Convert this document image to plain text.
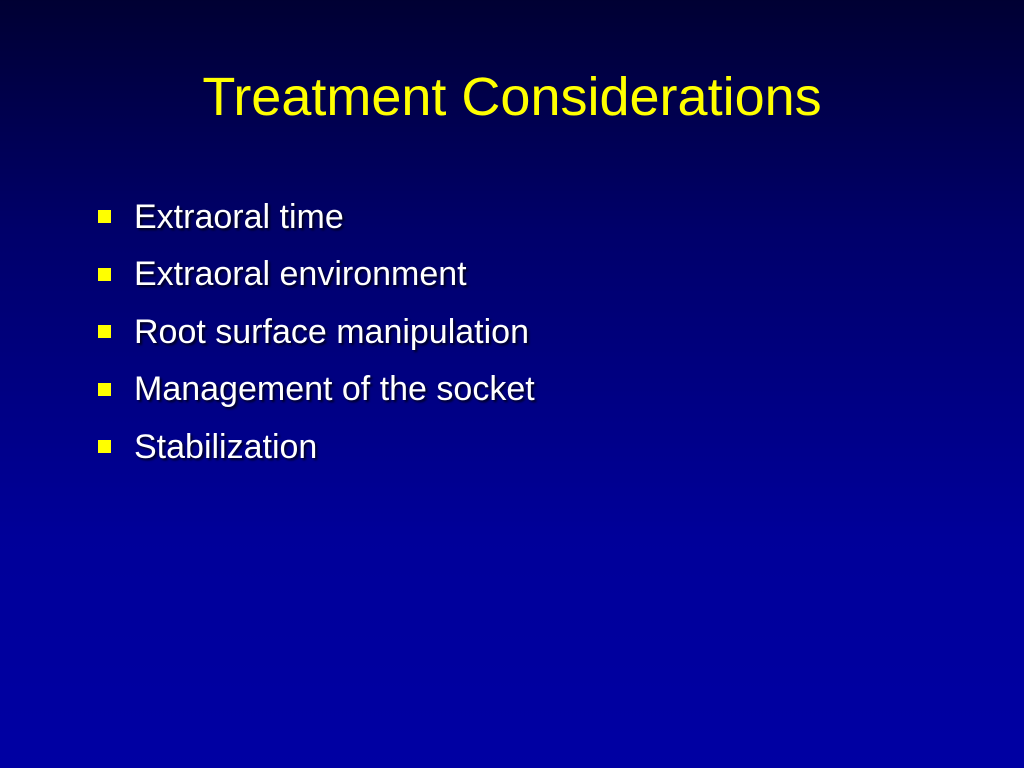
Treatment Considerations
Extraoral time
Extraoral environment
Root surface manipulation
Management of the socket
Stabilization
